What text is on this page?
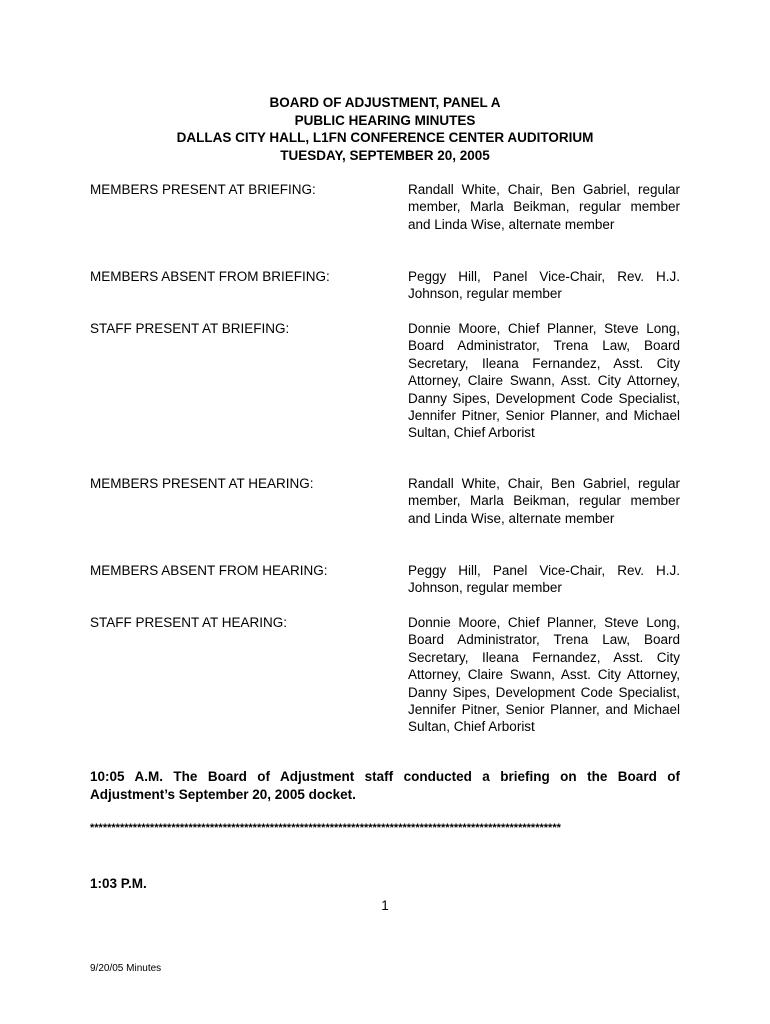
BOARD OF ADJUSTMENT, PANEL A
PUBLIC HEARING MINUTES
DALLAS CITY HALL, L1FN CONFERENCE CENTER AUDITORIUM
TUESDAY, SEPTEMBER 20, 2005
MEMBERS PRESENT AT BRIEFING:	Randall White, Chair, Ben Gabriel, regular member, Marla Beikman, regular member and Linda Wise, alternate member
MEMBERS ABSENT FROM BRIEFING:	Peggy Hill, Panel Vice-Chair, Rev. H.J. Johnson, regular member
STAFF PRESENT AT BRIEFING:	Donnie Moore, Chief Planner, Steve Long, Board Administrator, Trena Law, Board Secretary, Ileana Fernandez, Asst. City Attorney, Claire Swann, Asst. City Attorney, Danny Sipes, Development Code Specialist, Jennifer Pitner, Senior Planner, and Michael Sultan, Chief Arborist
MEMBERS PRESENT AT HEARING:	Randall White, Chair, Ben Gabriel, regular member, Marla Beikman, regular member and Linda Wise, alternate member
MEMBERS ABSENT FROM HEARING:	Peggy Hill, Panel Vice-Chair, Rev. H.J. Johnson, regular member
STAFF PRESENT AT HEARING:	Donnie Moore, Chief Planner, Steve Long, Board Administrator, Trena Law, Board Secretary, Ileana Fernandez, Asst. City Attorney, Claire Swann, Asst. City Attorney, Danny Sipes, Development Code Specialist, Jennifer Pitner, Senior Planner, and Michael Sultan, Chief Arborist
10:05 A.M. The Board of Adjustment staff conducted a briefing on the Board of Adjustment’s September 20, 2005 docket.
**************************************************************************************************************
1:03 P.M.
1
9/20/05 Minutes
